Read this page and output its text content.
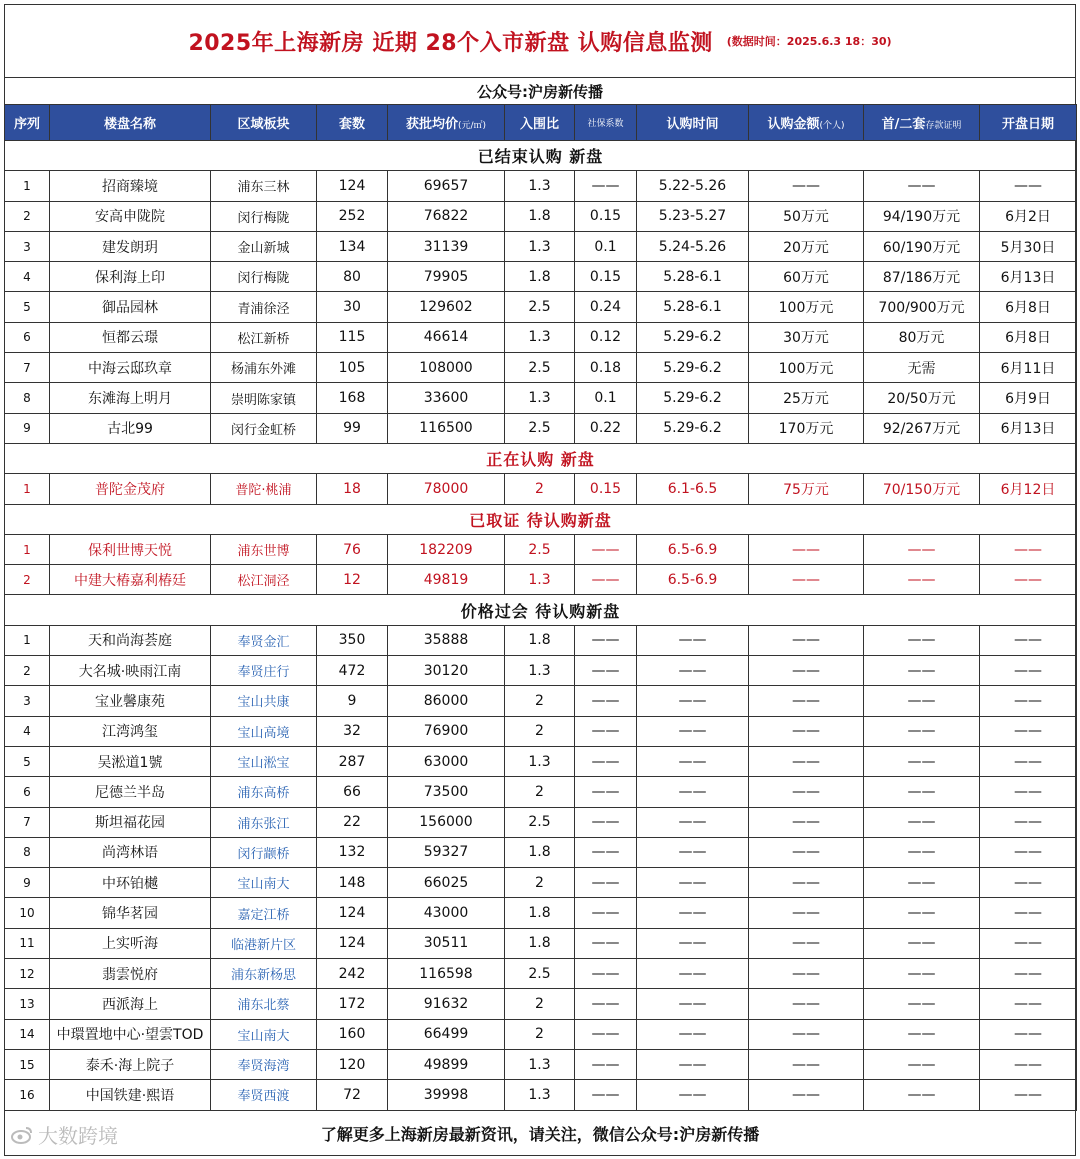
2025年上海新房 近期 28个入市新盘 认购信息监测 (数据时间：2025.6.3 18：30)
公众号:沪房新传播
序列	楼盘名称	区域板块	套数	获批均价(元/㎡)	入围比	社保系数	认购时间	认购金额(个人)	首/二套存款证明	开盘日期
已结束认购 新盘										
1	招商臻境	浦东三林	124	69657	1.3	——	5.22-5.26	——	——	——
2	安高申陇院	闵行梅陇	252	76822	1.8	0.15	5.23-5.27	50万元	94/190万元	6月2日
3	建发朗玥	金山新城	134	31139	1.3	0.1	5.24-5.26	20万元	60/190万元	5月30日
4	保利海上印	闵行梅陇	80	79905	1.8	0.15	5.28-6.1	60万元	87/186万元	6月13日
5	御品园林	青浦徐泾	30	129602	2.5	0.24	5.28-6.1	100万元	700/900万元	6月8日
6	恒都云璟	松江新桥	115	46614	1.3	0.12	5.29-6.2	30万元	80万元	6月8日
7	中海云邸玖章	杨浦东外滩	105	108000	2.5	0.18	5.29-6.2	100万元	无需	6月11日
8	东滩海上明月	崇明陈家镇	168	33600	1.3	0.1	5.29-6.2	25万元	20/50万元	6月9日
9	古北99	闵行金虹桥	99	116500	2.5	0.22	5.29-6.2	170万元	92/267万元	6月13日
正在认购 新盘										
1	普陀金茂府	普陀·桃浦	18	78000	2	0.15	6.1-6.5	75万元	70/150万元	6月12日
已取证 待认购新盘										
1	保利世博天悦	浦东世博	76	182209	2.5	——	6.5-6.9	——	——	——
2	中建大椿嘉利椿廷	松江洞泾	12	49819	1.3	——	6.5-6.9	——	——	——
价格过会 待认购新盘										
1	天和尚海荟庭	奉贤金汇	350	35888	1.8	——	——	——	——	——
2	大名城·映雨江南	奉贤庄行	472	30120	1.3	——	——	——	——	——
3	宝业馨康苑	宝山共康	9	86000	2	——	——	——	——	——
4	江湾鸿玺	宝山高境	32	76900	2	——	——	——	——	——
5	吴淞道1號	宝山淞宝	287	63000	1.3	——	——	——	——	——
6	尼德兰半岛	浦东高桥	66	73500	2	——	——	——	——	——
7	斯坦福花园	浦东张江	22	156000	2.5	——	——	——	——	——
8	尚湾林语	闵行颛桥	132	59327	1.8	——	——	——	——	——
9	中环铂樾	宝山南大	148	66025	2	——	——	——	——	——
10	锦华茗园	嘉定江桥	124	43000	1.8	——	——	——	——	——
11	上实听海	临港新片区	124	30511	1.8	——	——	——	——	——
12	翡雲悦府	浦东新杨思	242	116598	2.5	——	——	——	——	——
13	西派海上	浦东北蔡	172	91632	2	——	——	——	——	——
14	中環置地中心·望雲TOD	宝山南大	160	66499	2	——	——	——	——	——
15	泰禾·海上院子	奉贤海湾	120	49899	1.3	——	——	——	——	——
16	中国铁建·熙语	奉贤西渡	72	39998	1.3	——	——	——	——	——
了解更多上海新房最新资讯，请关注，微信公众号:沪房新传播
大数跨境
